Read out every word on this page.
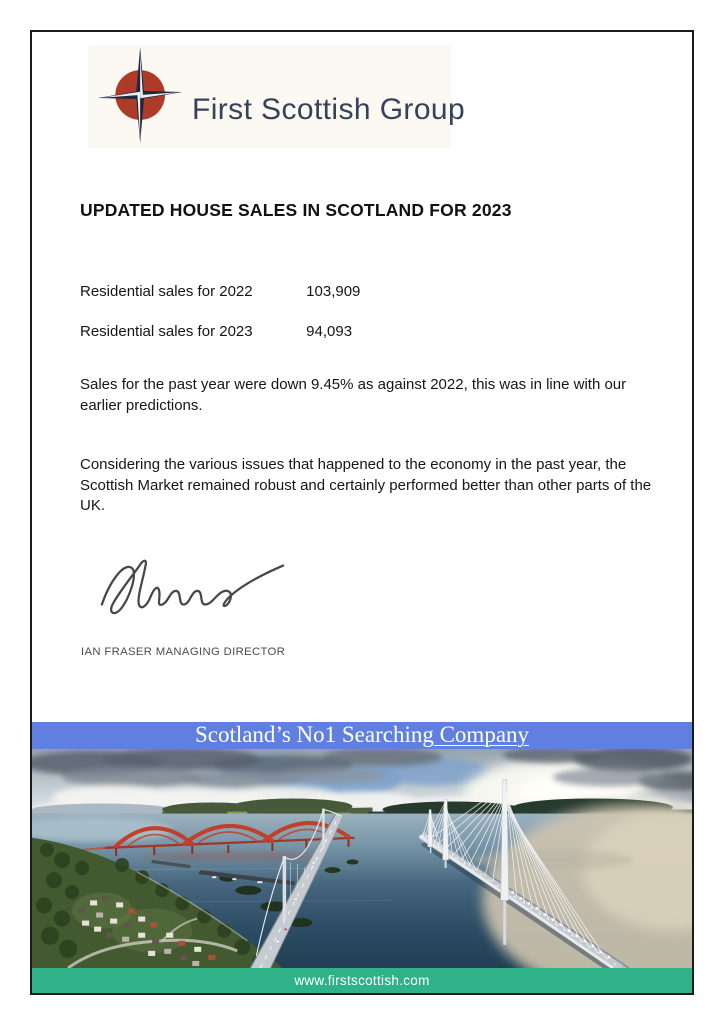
First Scottish Group
UPDATED HOUSE SALES IN SCOTLAND FOR 2023
Residential sales for 2022	103,909
Residential sales for 2023	94,093
Sales for the past year were down 9.45% as against 2022, this was in line with our earlier predictions.
Considering the various issues that happened to the economy in the past year, the Scottish Market remained robust and certainly performed better than other parts of the UK.
IAN FRASER MANAGING DIRECTOR
Scotland’s No1 Searching Company
www.firstscottish.com
